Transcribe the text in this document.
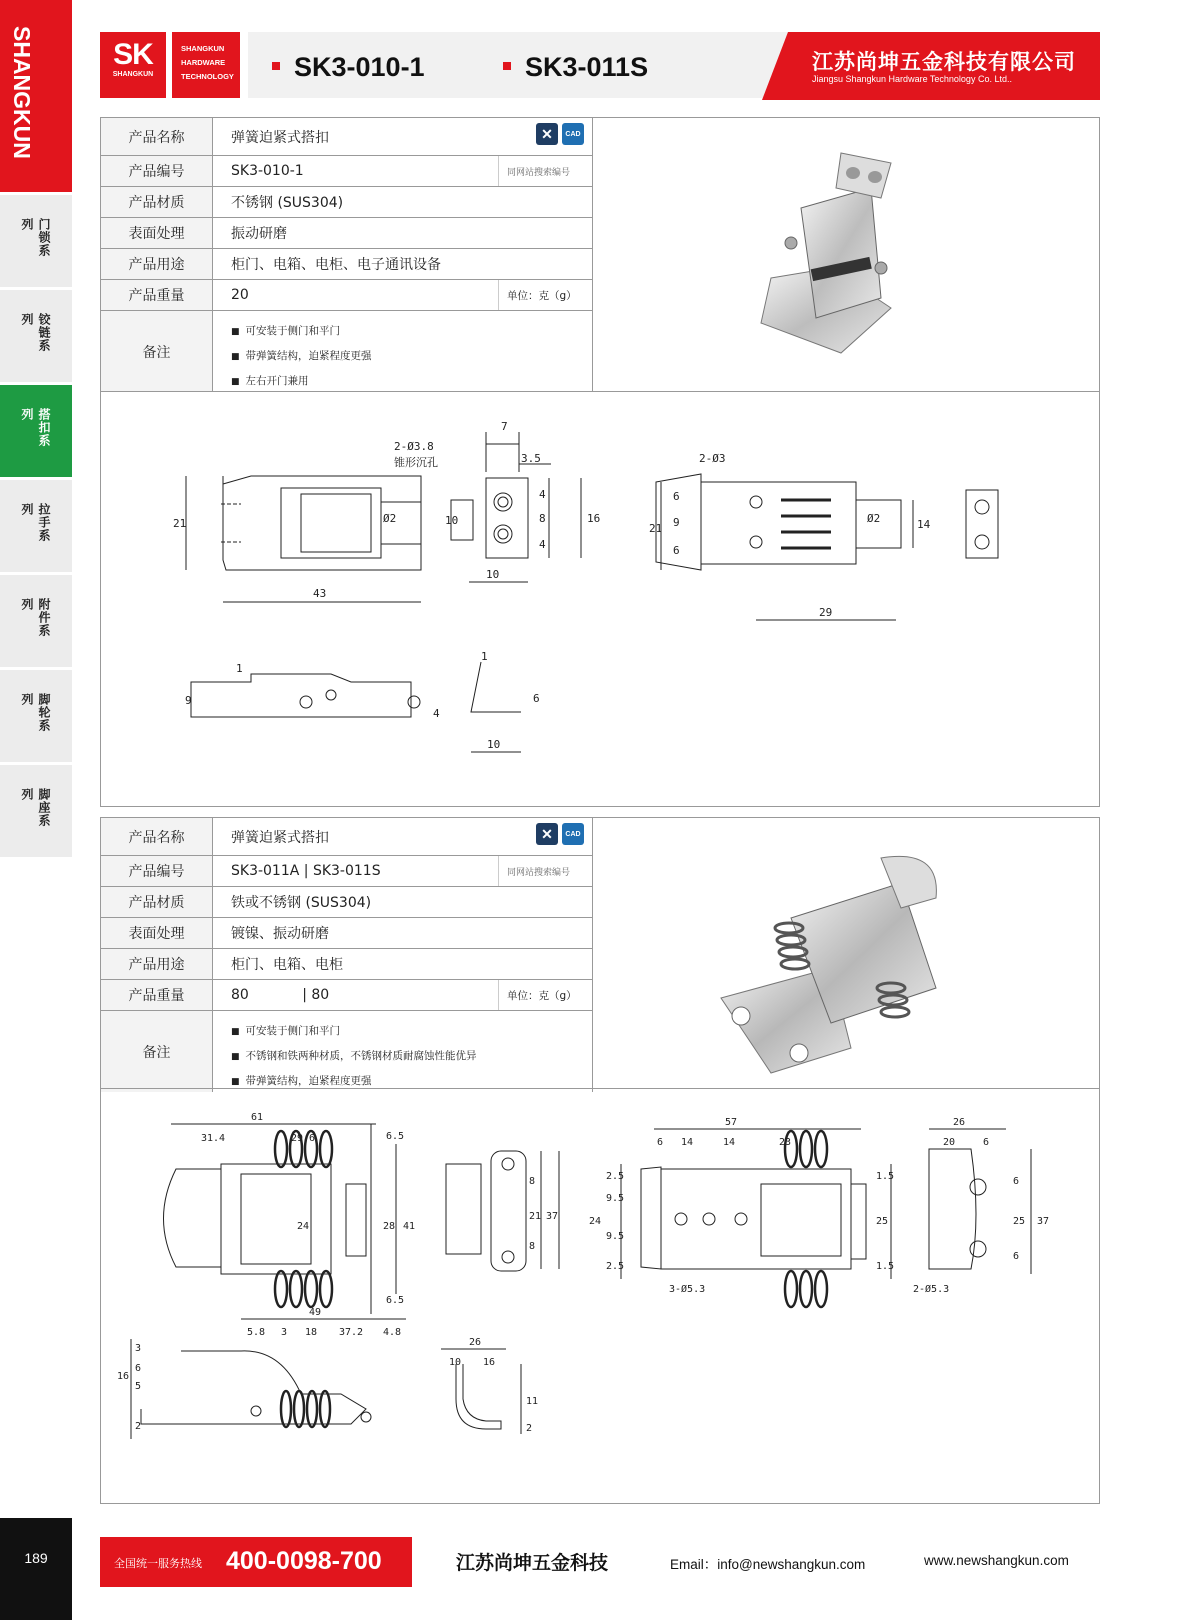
SHANGKUN
门锁系列
铰链系列
搭扣系列
拉手系列
附件系列
脚轮系列
脚座系列
189
SK
SHANGKUN
SHANGKUN
HARDWARE
TECHNOLOGY	SK3-010-1	SK3-011S	江苏尚坤五金科技有限公司
Jiangsu Shangkun Hardware Technology Co. Ltd..
产品名称	弹簧迫紧式搭扣	✕	CAD
产品编号	SK3-010-1	同网站搜索编号
产品材质	不锈钢 (SUS304)
表面处理	振动研磨
产品用途	柜门、电箱、电柜、电子通讯设备
产品重量	20	单位：克（g）
备注
■ 可安装于侧门和平门
■ 带弹簧结构，迫紧程度更强
■ 左右开门兼用
7
3.5
2-Ø3.8
锥形沉孔
21	Ø2	10
4
8
4
16
43
10
2-Ø3
6
9
6
21
Ø2	14
29
1
9
4
1
6
10
产品名称	弹簧迫紧式搭扣	✕	CAD
产品编号	SK3-011A | SK3-011S	同网站搜索编号
产品材质	铁或不锈钢 (SUS304)
表面处理	镀镍、振动研磨
产品用途	柜门、电箱、电柜
产品重量	80            | 80	单位：克（g）
备注
■ 可安装于侧门和平门
■ 不锈钢和铁两种材质，不锈钢材质耐腐蚀性能优异
■ 带弹簧结构，迫紧程度更强
61
31.4	29.6	6.5
24	28 41
6.5
8
21 37
8
57
6 14	14	23
2.5
9.5
9.5
2.5
24
1.5
25
1.5
3-Ø5.3
26
20	6
6
25 37
6
2-Ø5.3
49
5.8 3 18 37.2 4.8
3
6
5
16
2
26
10 16
11
2
全国统一服务热线 400-0098-700	江苏尚坤五金科技	Email：info@newshangkun.com	www.newshangkun.com
